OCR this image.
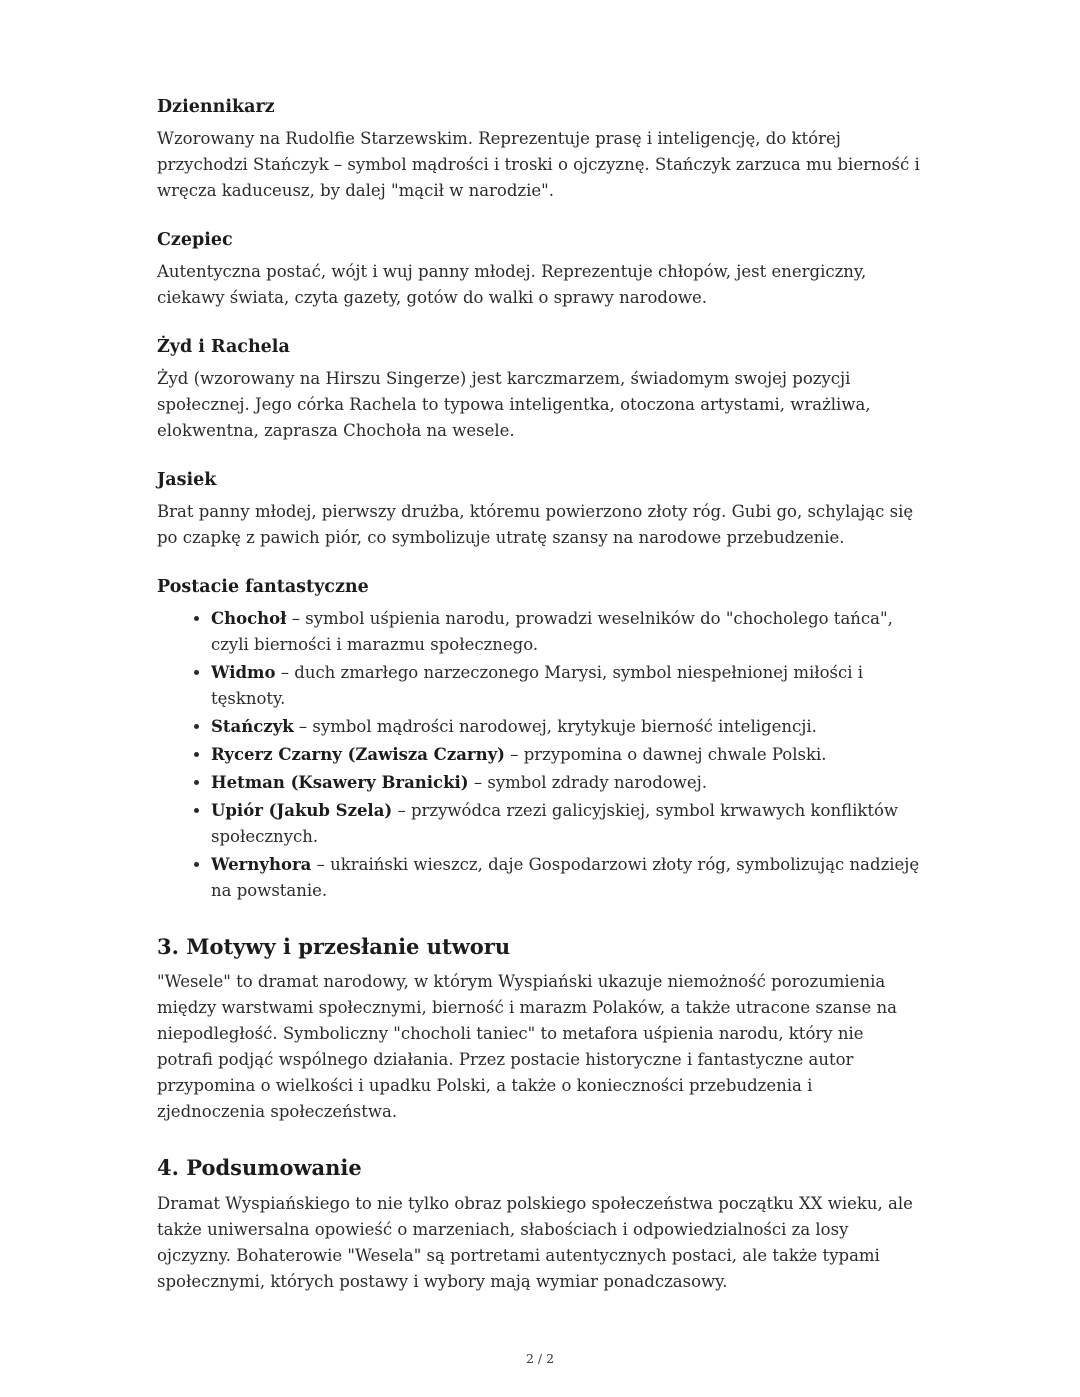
Dziennikarz

Wzorowany na Rudolfie Starzewskim. Reprezentuje prasę i inteligencję, do której przychodzi Stańczyk – symbol mądrości i troski o ojczyznę. Stańczyk zarzuca mu bierność i wręcza kaduceusz, by dalej "mącił w narodzie".

Czepiec

Autentyczna postać, wójt i wuj panny młodej. Reprezentuje chłopów, jest energiczny, ciekawy świata, czyta gazety, gotów do walki o sprawy narodowe.

Żyd i Rachela

Żyd (wzorowany na Hirszu Singerze) jest karczmarzem, świadomym swojej pozycji społecznej. Jego córka Rachela to typowa inteligentka, otoczona artystami, wrażliwa, elokwentna, zaprasza Chochoła na wesele.

Jasiek

Brat panny młodej, pierwszy drużba, któremu powierzono złoty róg. Gubi go, schylając się po czapkę z pawich piór, co symbolizuje utratę szansy na narodowe przebudzenie.

Postacie fantastyczne
• Chochoł – symbol uśpienia narodu, prowadzi weselników do "chocholego tańca", czyli bierności i marazmu społecznego.
• Widmo – duch zmarłego narzeczonego Marysi, symbol niespełnionej miłości i tęsknoty.
• Stańczyk – symbol mądrości narodowej, krytykuje bierność inteligencji.
• Rycerz Czarny (Zawisza Czarny) – przypomina o dawnej chwale Polski.
• Hetman (Ksawery Branicki) – symbol zdrady narodowej.
• Upiór (Jakub Szela) – przywódca rzezi galicyjskiej, symbol krwawych konfliktów społecznych.
• Wernyhora – ukraiński wieszcz, daje Gospodarzowi złoty róg, symbolizując nadzieję na powstanie.
3. Motywy i przesłanie utworu

"Wesele" to dramat narodowy, w którym Wyspiański ukazuje niemożność porozumienia między warstwami społecznymi, bierność i marazm Polaków, a także utracone szanse na niepodległość. Symboliczny "chocholi taniec" to metafora uśpienia narodu, który nie potrafi podjąć wspólnego działania. Przez postacie historyczne i fantastyczne autor przypomina o wielkości i upadku Polski, a także o konieczności przebudzenia i zjednoczenia społeczeństwa.

4. Podsumowanie

Dramat Wyspiańskiego to nie tylko obraz polskiego społeczeństwa początku XX wieku, ale także uniwersalna opowieść o marzeniach, słabościach i odpowiedzialności za losy ojczyzny. Bohaterowie "Wesela" są portretami autentycznych postaci, ale także typami społecznymi, których postawy i wybory mają wymiar ponadczasowy.

2 / 2
